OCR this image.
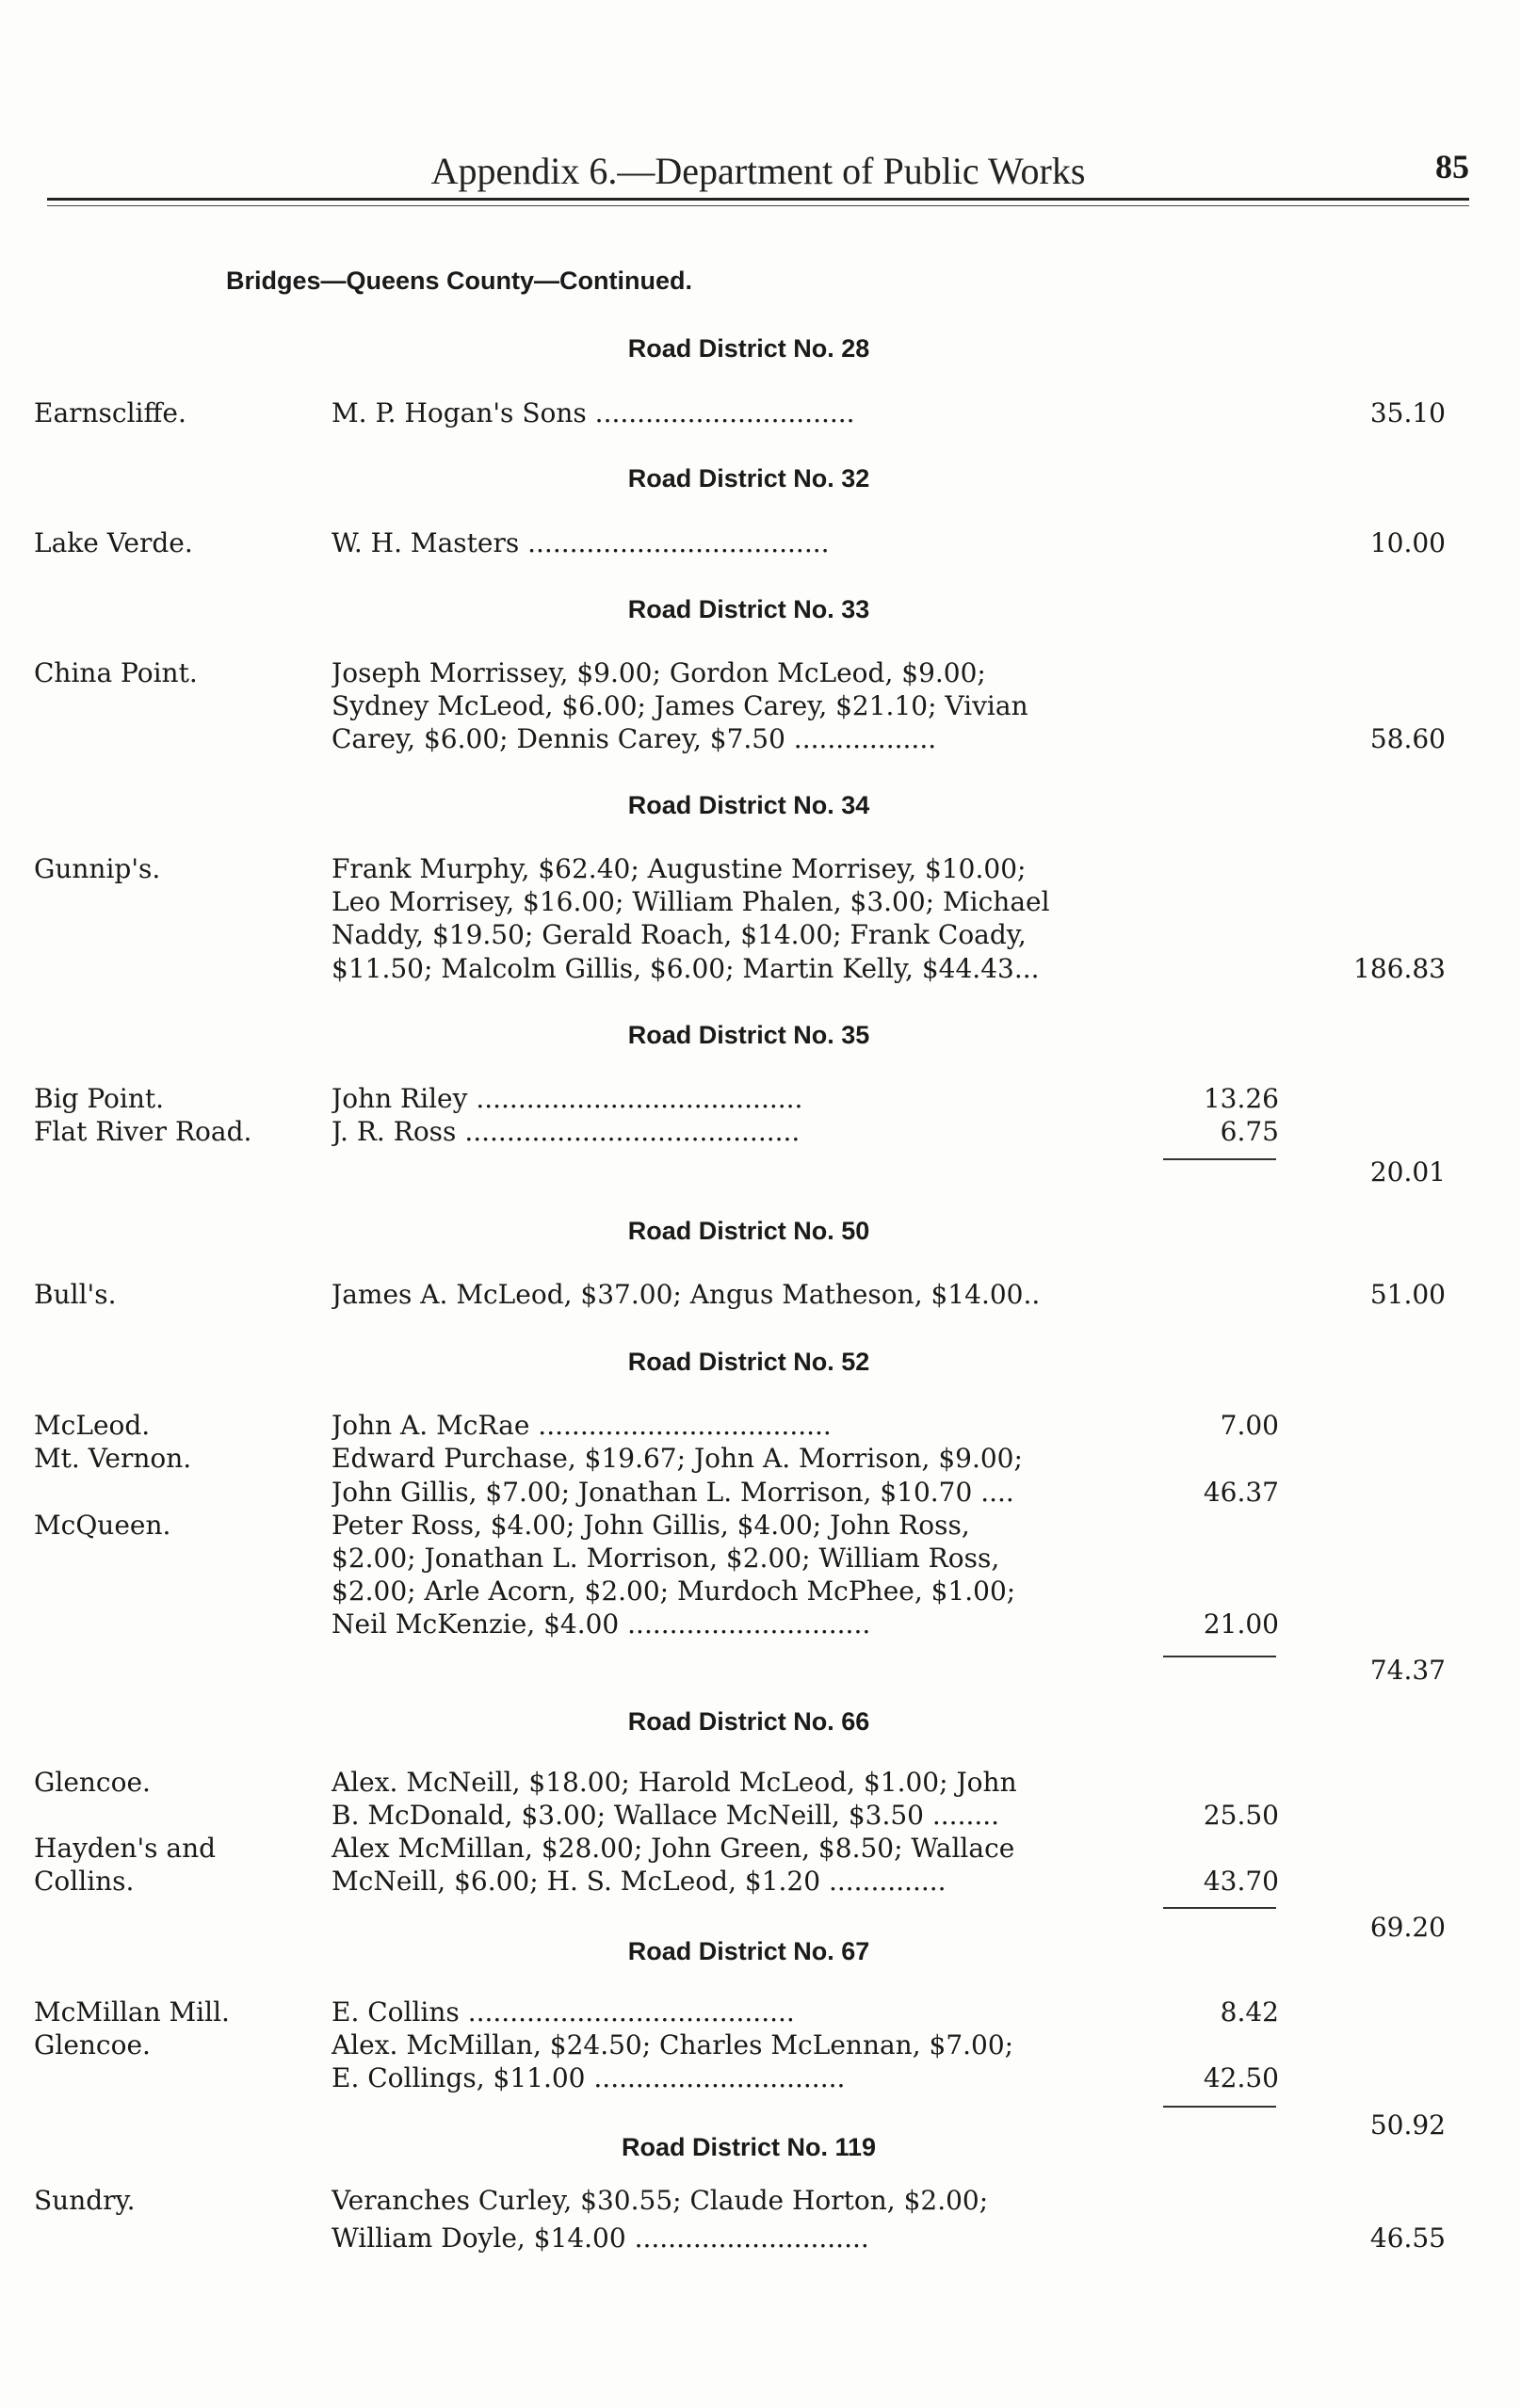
Appendix 6.—Department of Public Works	85
Bridges—Queens County—Continued.
Road District No. 28
Road District No. 32
Road District No. 33
Road District No. 34
Road District No. 35
Road District No. 50
Road District No. 52
Road District No. 66
Road District No. 67
Road District No. 119
Earnscliffe.	M. P. Hogan's Sons ...............................	35.10
Lake Verde.	W. H. Masters ....................................	10.00
China Point.	Joseph Morrissey, $9.00; Gordon McLeod, $9.00;
Sydney McLeod, $6.00; James Carey, $21.10; Vivian
Carey, $6.00; Dennis Carey, $7.50 .................	58.60
Gunnip's.	Frank Murphy, $62.40; Augustine Morrisey, $10.00;
Leo Morrisey, $16.00; William Phalen, $3.00; Michael
Naddy, $19.50; Gerald Roach, $14.00; Frank Coady,
$11.50; Malcolm Gillis, $6.00; Martin Kelly, $44.43...	186.83
Big Point.	John Riley .......................................	13.26
Flat River Road.	J. R. Ross ........................................	6.75
20.01
Bull's.	James A. McLeod, $37.00; Angus Matheson, $14.00..	51.00
McLeod.	John A. McRae ...................................	7.00
Mt. Vernon.	Edward Purchase, $19.67; John A. Morrison, $9.00;
John Gillis, $7.00; Jonathan L. Morrison, $10.70 ....	46.37
McQueen.	Peter Ross, $4.00; John Gillis, $4.00; John Ross,
$2.00; Jonathan L. Morrison, $2.00; William Ross,
$2.00; Arle Acorn, $2.00; Murdoch McPhee, $1.00;
Neil McKenzie, $4.00 .............................	21.00
74.37
Glencoe.	Alex. McNeill, $18.00; Harold McLeod, $1.00; John
B. McDonald, $3.00; Wallace McNeill, $3.50 ........	25.50
Hayden's and	Alex McMillan, $28.00; John Green, $8.50; Wallace
Collins.	McNeill, $6.00; H. S. McLeod, $1.20 ..............	43.70
69.20
McMillan Mill.	E. Collins .......................................	8.42
Glencoe.	Alex. McMillan, $24.50; Charles McLennan, $7.00;
E. Collings, $11.00 ..............................	42.50
50.92
Sundry.	Veranches Curley, $30.55; Claude Horton, $2.00;
William Doyle, $14.00 ............................	46.55
